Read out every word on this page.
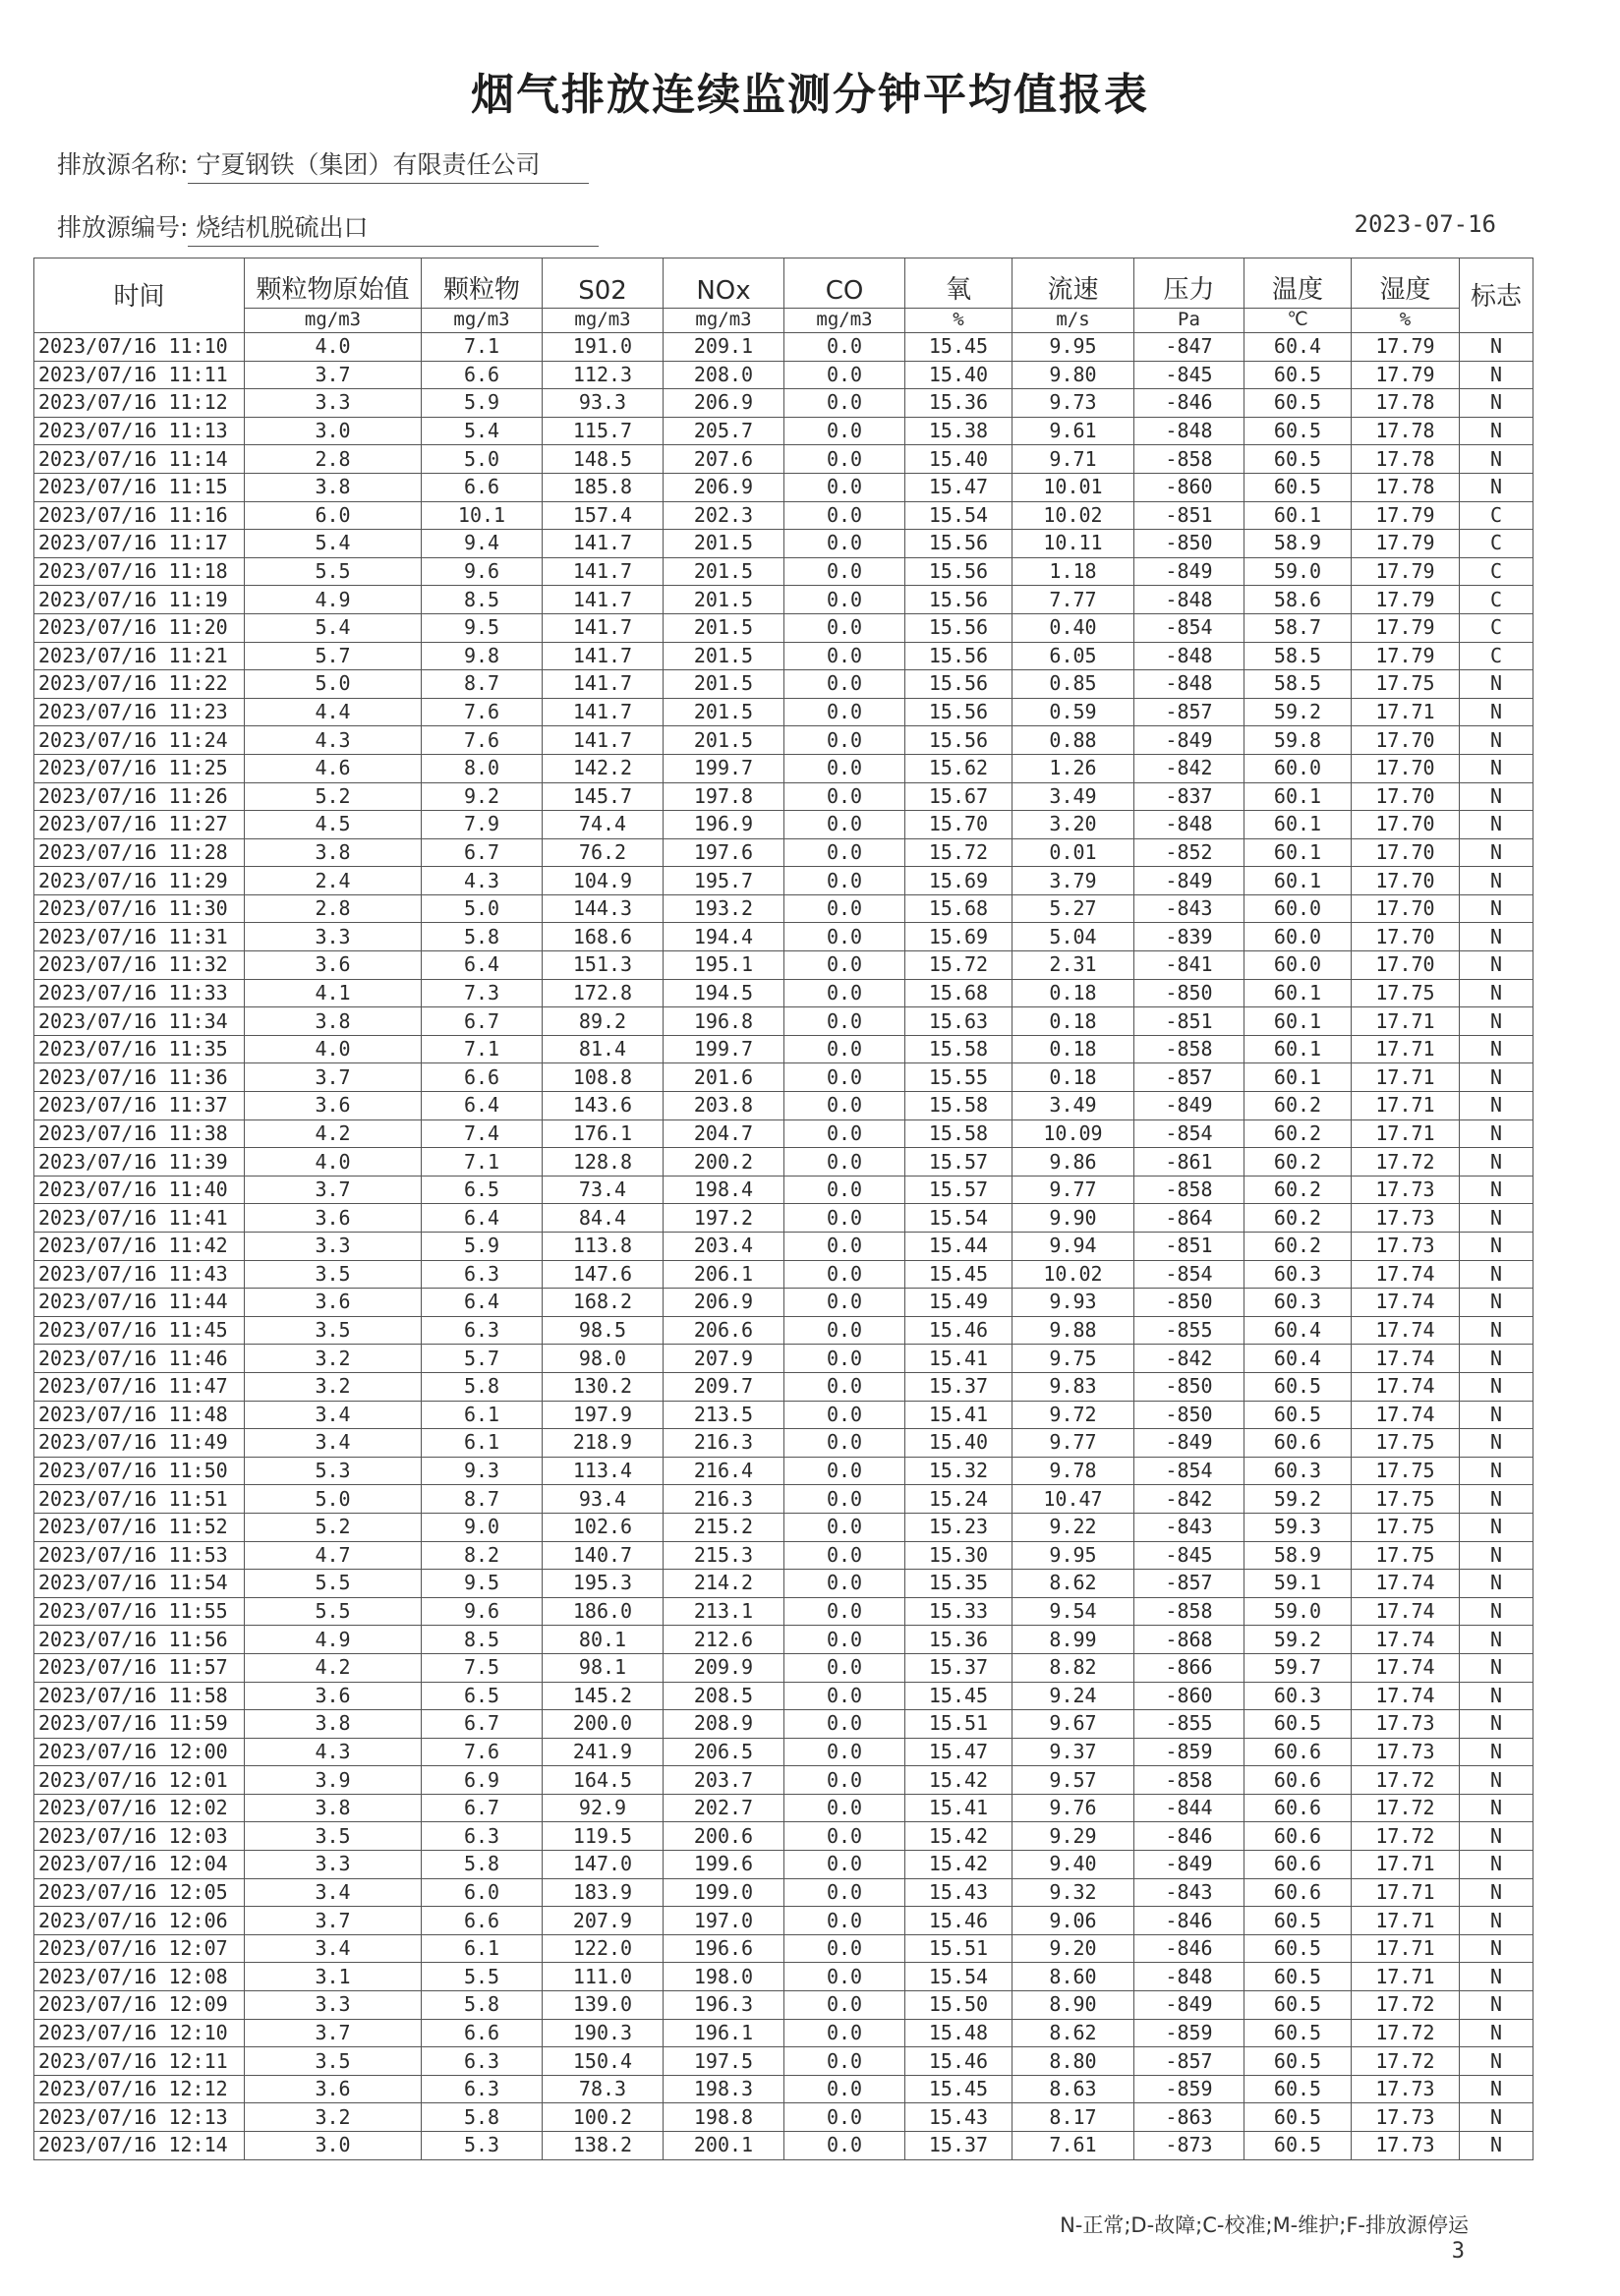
烟气排放连续监测分钟平均值报表
排放源名称: 宁夏钢铁（集团）有限责任公司
排放源编号: 烧结机脱硫出口	2023-07-16
时间	颗粒物原始值	颗粒物	S02	NOx	CO	氧	流速	压力	温度	湿度	标志
	mg/m3	mg/m3	mg/m3	mg/m3	mg/m3	%	m/s	Pa	℃	%	
2023/07/16 11:10	4.0	7.1	191.0	209.1	0.0	15.45	9.95	-847	60.4	17.79	N
2023/07/16 11:11	3.7	6.6	112.3	208.0	0.0	15.40	9.80	-845	60.5	17.79	N
2023/07/16 11:12	3.3	5.9	93.3	206.9	0.0	15.36	9.73	-846	60.5	17.78	N
2023/07/16 11:13	3.0	5.4	115.7	205.7	0.0	15.38	9.61	-848	60.5	17.78	N
2023/07/16 11:14	2.8	5.0	148.5	207.6	0.0	15.40	9.71	-858	60.5	17.78	N
2023/07/16 11:15	3.8	6.6	185.8	206.9	0.0	15.47	10.01	-860	60.5	17.78	N
2023/07/16 11:16	6.0	10.1	157.4	202.3	0.0	15.54	10.02	-851	60.1	17.79	C
2023/07/16 11:17	5.4	9.4	141.7	201.5	0.0	15.56	10.11	-850	58.9	17.79	C
2023/07/16 11:18	5.5	9.6	141.7	201.5	0.0	15.56	1.18	-849	59.0	17.79	C
2023/07/16 11:19	4.9	8.5	141.7	201.5	0.0	15.56	7.77	-848	58.6	17.79	C
2023/07/16 11:20	5.4	9.5	141.7	201.5	0.0	15.56	0.40	-854	58.7	17.79	C
2023/07/16 11:21	5.7	9.8	141.7	201.5	0.0	15.56	6.05	-848	58.5	17.79	C
2023/07/16 11:22	5.0	8.7	141.7	201.5	0.0	15.56	0.85	-848	58.5	17.75	N
2023/07/16 11:23	4.4	7.6	141.7	201.5	0.0	15.56	0.59	-857	59.2	17.71	N
2023/07/16 11:24	4.3	7.6	141.7	201.5	0.0	15.56	0.88	-849	59.8	17.70	N
2023/07/16 11:25	4.6	8.0	142.2	199.7	0.0	15.62	1.26	-842	60.0	17.70	N
2023/07/16 11:26	5.2	9.2	145.7	197.8	0.0	15.67	3.49	-837	60.1	17.70	N
2023/07/16 11:27	4.5	7.9	74.4	196.9	0.0	15.70	3.20	-848	60.1	17.70	N
2023/07/16 11:28	3.8	6.7	76.2	197.6	0.0	15.72	0.01	-852	60.1	17.70	N
2023/07/16 11:29	2.4	4.3	104.9	195.7	0.0	15.69	3.79	-849	60.1	17.70	N
2023/07/16 11:30	2.8	5.0	144.3	193.2	0.0	15.68	5.27	-843	60.0	17.70	N
2023/07/16 11:31	3.3	5.8	168.6	194.4	0.0	15.69	5.04	-839	60.0	17.70	N
2023/07/16 11:32	3.6	6.4	151.3	195.1	0.0	15.72	2.31	-841	60.0	17.70	N
2023/07/16 11:33	4.1	7.3	172.8	194.5	0.0	15.68	0.18	-850	60.1	17.75	N
2023/07/16 11:34	3.8	6.7	89.2	196.8	0.0	15.63	0.18	-851	60.1	17.71	N
2023/07/16 11:35	4.0	7.1	81.4	199.7	0.0	15.58	0.18	-858	60.1	17.71	N
2023/07/16 11:36	3.7	6.6	108.8	201.6	0.0	15.55	0.18	-857	60.1	17.71	N
2023/07/16 11:37	3.6	6.4	143.6	203.8	0.0	15.58	3.49	-849	60.2	17.71	N
2023/07/16 11:38	4.2	7.4	176.1	204.7	0.0	15.58	10.09	-854	60.2	17.71	N
2023/07/16 11:39	4.0	7.1	128.8	200.2	0.0	15.57	9.86	-861	60.2	17.72	N
2023/07/16 11:40	3.7	6.5	73.4	198.4	0.0	15.57	9.77	-858	60.2	17.73	N
2023/07/16 11:41	3.6	6.4	84.4	197.2	0.0	15.54	9.90	-864	60.2	17.73	N
2023/07/16 11:42	3.3	5.9	113.8	203.4	0.0	15.44	9.94	-851	60.2	17.73	N
2023/07/16 11:43	3.5	6.3	147.6	206.1	0.0	15.45	10.02	-854	60.3	17.74	N
2023/07/16 11:44	3.6	6.4	168.2	206.9	0.0	15.49	9.93	-850	60.3	17.74	N
2023/07/16 11:45	3.5	6.3	98.5	206.6	0.0	15.46	9.88	-855	60.4	17.74	N
2023/07/16 11:46	3.2	5.7	98.0	207.9	0.0	15.41	9.75	-842	60.4	17.74	N
2023/07/16 11:47	3.2	5.8	130.2	209.7	0.0	15.37	9.83	-850	60.5	17.74	N
2023/07/16 11:48	3.4	6.1	197.9	213.5	0.0	15.41	9.72	-850	60.5	17.74	N
2023/07/16 11:49	3.4	6.1	218.9	216.3	0.0	15.40	9.77	-849	60.6	17.75	N
2023/07/16 11:50	5.3	9.3	113.4	216.4	0.0	15.32	9.78	-854	60.3	17.75	N
2023/07/16 11:51	5.0	8.7	93.4	216.3	0.0	15.24	10.47	-842	59.2	17.75	N
2023/07/16 11:52	5.2	9.0	102.6	215.2	0.0	15.23	9.22	-843	59.3	17.75	N
2023/07/16 11:53	4.7	8.2	140.7	215.3	0.0	15.30	9.95	-845	58.9	17.75	N
2023/07/16 11:54	5.5	9.5	195.3	214.2	0.0	15.35	8.62	-857	59.1	17.74	N
2023/07/16 11:55	5.5	9.6	186.0	213.1	0.0	15.33	9.54	-858	59.0	17.74	N
2023/07/16 11:56	4.9	8.5	80.1	212.6	0.0	15.36	8.99	-868	59.2	17.74	N
2023/07/16 11:57	4.2	7.5	98.1	209.9	0.0	15.37	8.82	-866	59.7	17.74	N
2023/07/16 11:58	3.6	6.5	145.2	208.5	0.0	15.45	9.24	-860	60.3	17.74	N
2023/07/16 11:59	3.8	6.7	200.0	208.9	0.0	15.51	9.67	-855	60.5	17.73	N
2023/07/16 12:00	4.3	7.6	241.9	206.5	0.0	15.47	9.37	-859	60.6	17.73	N
2023/07/16 12:01	3.9	6.9	164.5	203.7	0.0	15.42	9.57	-858	60.6	17.72	N
2023/07/16 12:02	3.8	6.7	92.9	202.7	0.0	15.41	9.76	-844	60.6	17.72	N
2023/07/16 12:03	3.5	6.3	119.5	200.6	0.0	15.42	9.29	-846	60.6	17.72	N
2023/07/16 12:04	3.3	5.8	147.0	199.6	0.0	15.42	9.40	-849	60.6	17.71	N
2023/07/16 12:05	3.4	6.0	183.9	199.0	0.0	15.43	9.32	-843	60.6	17.71	N
2023/07/16 12:06	3.7	6.6	207.9	197.0	0.0	15.46	9.06	-846	60.5	17.71	N
2023/07/16 12:07	3.4	6.1	122.0	196.6	0.0	15.51	9.20	-846	60.5	17.71	N
2023/07/16 12:08	3.1	5.5	111.0	198.0	0.0	15.54	8.60	-848	60.5	17.71	N
2023/07/16 12:09	3.3	5.8	139.0	196.3	0.0	15.50	8.90	-849	60.5	17.72	N
2023/07/16 12:10	3.7	6.6	190.3	196.1	0.0	15.48	8.62	-859	60.5	17.72	N
2023/07/16 12:11	3.5	6.3	150.4	197.5	0.0	15.46	8.80	-857	60.5	17.72	N
2023/07/16 12:12	3.6	6.3	78.3	198.3	0.0	15.45	8.63	-859	60.5	17.73	N
2023/07/16 12:13	3.2	5.8	100.2	198.8	0.0	15.43	8.17	-863	60.5	17.73	N
2023/07/16 12:14	3.0	5.3	138.2	200.1	0.0	15.37	7.61	-873	60.5	17.73	N
N-正常;D-故障;C-校准;M-维护;F-排放源停运
3
